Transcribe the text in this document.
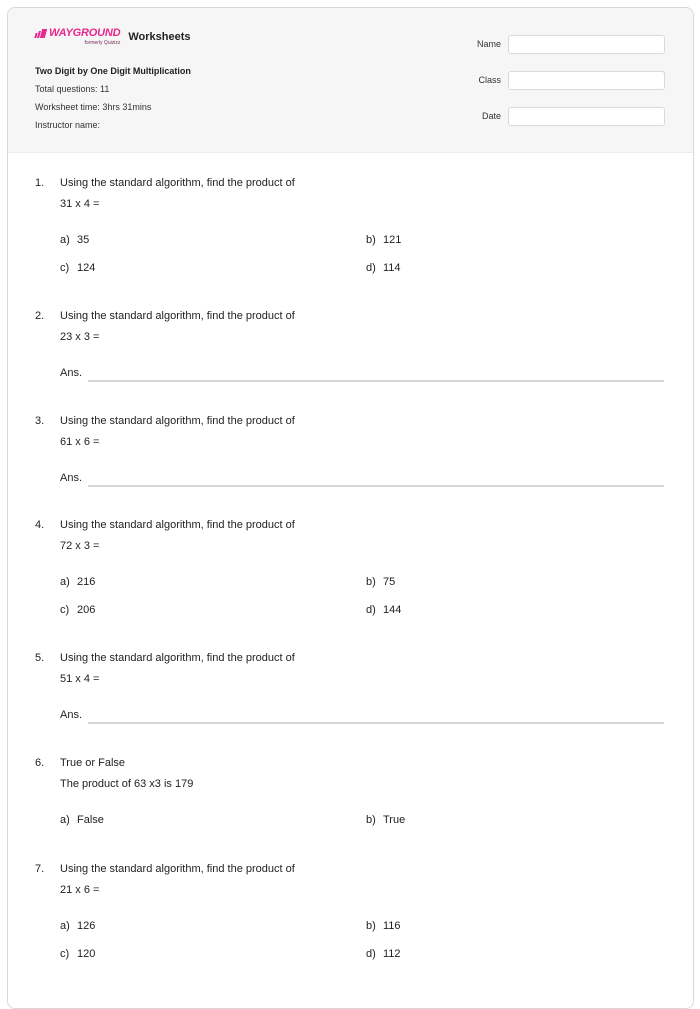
WAYGROUND
formerly Quizizz Worksheets
Two Digit by One Digit Multiplication
Total questions: 11
Worksheet time: 3hrs 31mins
Instructor name:
Name
Class
Date
1. Using the standard algorithm, find the product of
31 x 4 =
a) 35	b) 121
c) 124	d) 114
2. Using the standard algorithm, find the product of
23 x 3 =
Ans.
3. Using the standard algorithm, find the product of
61 x 6 =
Ans.
4. Using the standard algorithm, find the product of
72 x 3 =
a) 216	b) 75
c) 206	d) 144
5. Using the standard algorithm, find the product of
51 x 4 =
Ans.
6. True or False
The product of 63 x3 is 179
a) False	b) True
7. Using the standard algorithm, find the product of
21 x 6 =
a) 126	b) 116
c) 120	d) 112
